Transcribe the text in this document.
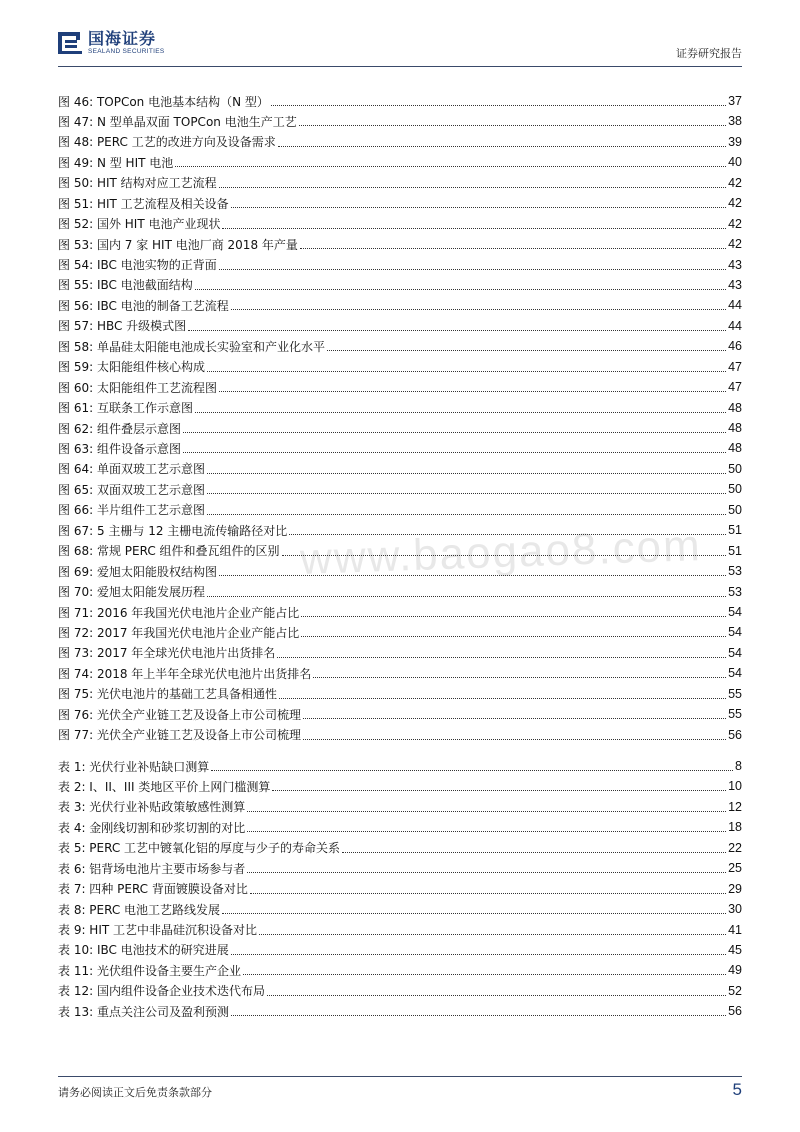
国海证券
SEALAND SECURITIES	证券研究报告
www.baogao8.com
图 46: TOPCon 电池基本结构（N 型）	37
图 47: N 型单晶双面 TOPCon 电池生产工艺	38
图 48: PERC 工艺的改进方向及设备需求	39
图 49: N 型 HIT 电池	40
图 50: HIT 结构对应工艺流程	42
图 51: HIT 工艺流程及相关设备	42
图 52: 国外 HIT 电池产业现状	42
图 53: 国内 7 家 HIT 电池厂商 2018 年产量	42
图 54: IBC 电池实物的正背面	43
图 55: IBC 电池截面结构	43
图 56: IBC 电池的制备工艺流程	44
图 57: HBC 升级模式图	44
图 58: 单晶硅太阳能电池成长实验室和产业化水平	46
图 59: 太阳能组件核心构成	47
图 60: 太阳能组件工艺流程图	47
图 61: 互联条工作示意图	48
图 62: 组件叠层示意图	48
图 63: 组件设备示意图	48
图 64: 单面双玻工艺示意图	50
图 65: 双面双玻工艺示意图	50
图 66: 半片组件工艺示意图	50
图 67: 5 主栅与 12 主栅电流传输路径对比	51
图 68: 常规 PERC 组件和叠瓦组件的区别	51
图 69: 爱旭太阳能股权结构图	53
图 70: 爱旭太阳能发展历程	53
图 71: 2016 年我国光伏电池片企业产能占比	54
图 72: 2017 年我国光伏电池片企业产能占比	54
图 73: 2017 年全球光伏电池片出货排名	54
图 74: 2018 年上半年全球光伏电池片出货排名	54
图 75: 光伏电池片的基础工艺具备相通性	55
图 76: 光伏全产业链工艺及设备上市公司梳理	55
图 77: 光伏全产业链工艺及设备上市公司梳理	56
表 1: 光伏行业补贴缺口测算	8
表 2: I、II、III 类地区平价上网门槛测算	10
表 3: 光伏行业补贴政策敏感性测算	12
表 4: 金刚线切割和砂浆切割的对比	18
表 5: PERC 工艺中镀氧化铝的厚度与少子的寿命关系	22
表 6: 铝背场电池片主要市场参与者	25
表 7: 四种 PERC 背面镀膜设备对比	29
表 8: PERC 电池工艺路线发展	30
表 9: HIT 工艺中非晶硅沉积设备对比	41
表 10: IBC 电池技术的研究进展	45
表 11: 光伏组件设备主要生产企业	49
表 12: 国内组件设备企业技术迭代布局	52
表 13: 重点关注公司及盈利预测	56
请务必阅读正文后免责条款部分	5
